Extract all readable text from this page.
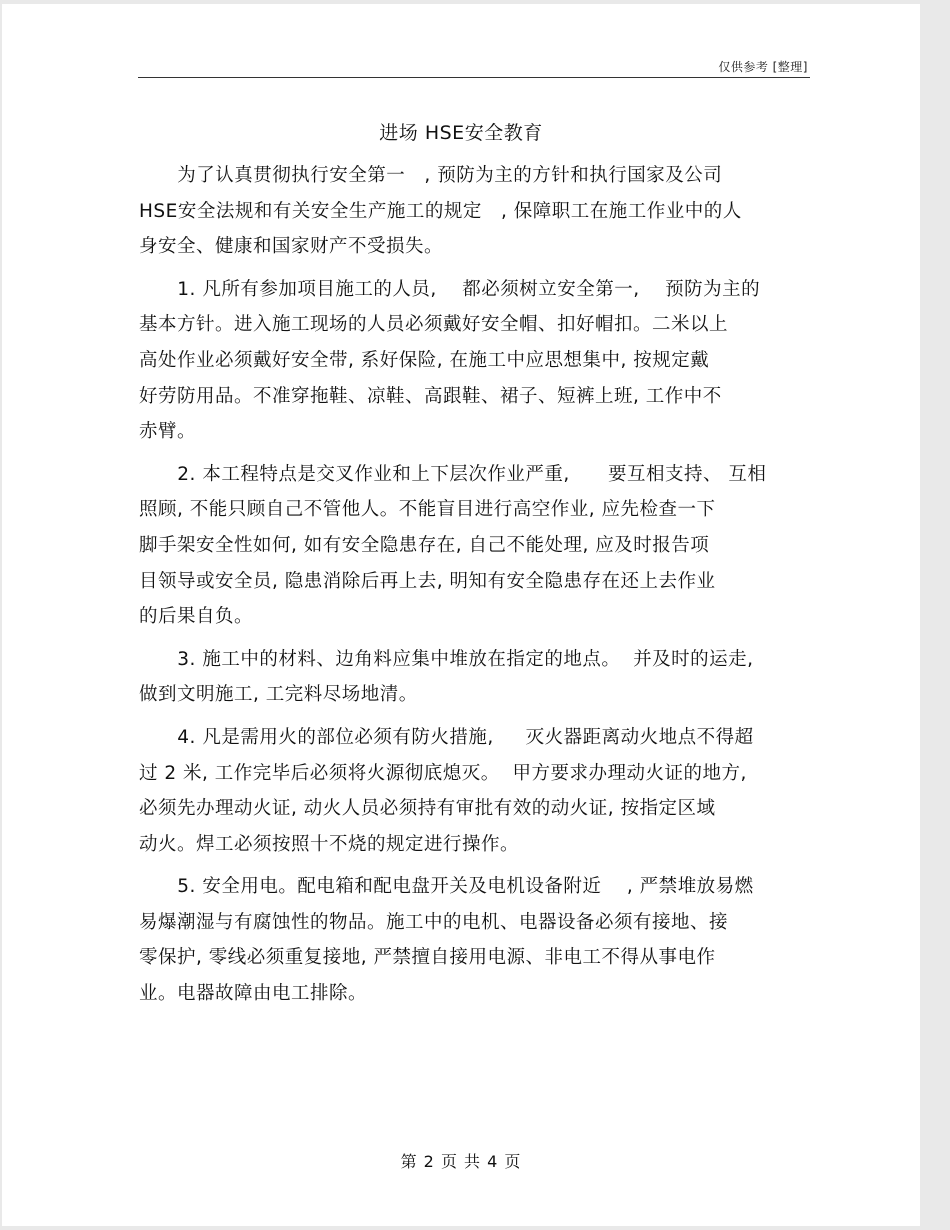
仅供参考 [整理]
进场 HSE安全教育
为了认真贯彻执行安全第一   , 预防为主的方针和执行国家及公司
HSE安全法规和有关安全生产施工的规定   , 保障职工在施工作业中的人
身安全、健康和国家财产不受损失。
1. 凡所有参加项目施工的人员,    都必须树立安全第一,    预防为主的
基本方针。进入施工现场的人员必须戴好安全帽、扣好帽扣。二米以上
高处作业必须戴好安全带, 系好保险, 在施工中应思想集中, 按规定戴
好劳防用品。不准穿拖鞋、凉鞋、高跟鞋、裙子、短裤上班, 工作中不
赤臂。
2. 本工程特点是交叉作业和上下层次作业严重,      要互相支持、 互相
照顾, 不能只顾自己不管他人。不能盲目进行高空作业, 应先检查一下
脚手架安全性如何, 如有安全隐患存在, 自己不能处理, 应及时报告项
目领导或安全员, 隐患消除后再上去, 明知有安全隐患存在还上去作业
的后果自负。
3. 施工中的材料、边角料应集中堆放在指定的地点。  并及时的运走,
做到文明施工, 工完料尽场地清。
4. 凡是需用火的部位必须有防火措施,     灭火器距离动火地点不得超
过 2 米, 工作完毕后必须将火源彻底熄灭。  甲方要求办理动火证的地方,
必须先办理动火证, 动火人员必须持有审批有效的动火证, 按指定区域
动火。焊工必须按照十不烧的规定进行操作。
5. 安全用电。配电箱和配电盘开关及电机设备附近    , 严禁堆放易燃
易爆潮湿与有腐蚀性的物品。施工中的电机、电器设备必须有接地、接
零保护, 零线必须重复接地, 严禁擅自接用电源、非电工不得从事电作
业。电器故障由电工排除。
第 2 页 共 4 页
